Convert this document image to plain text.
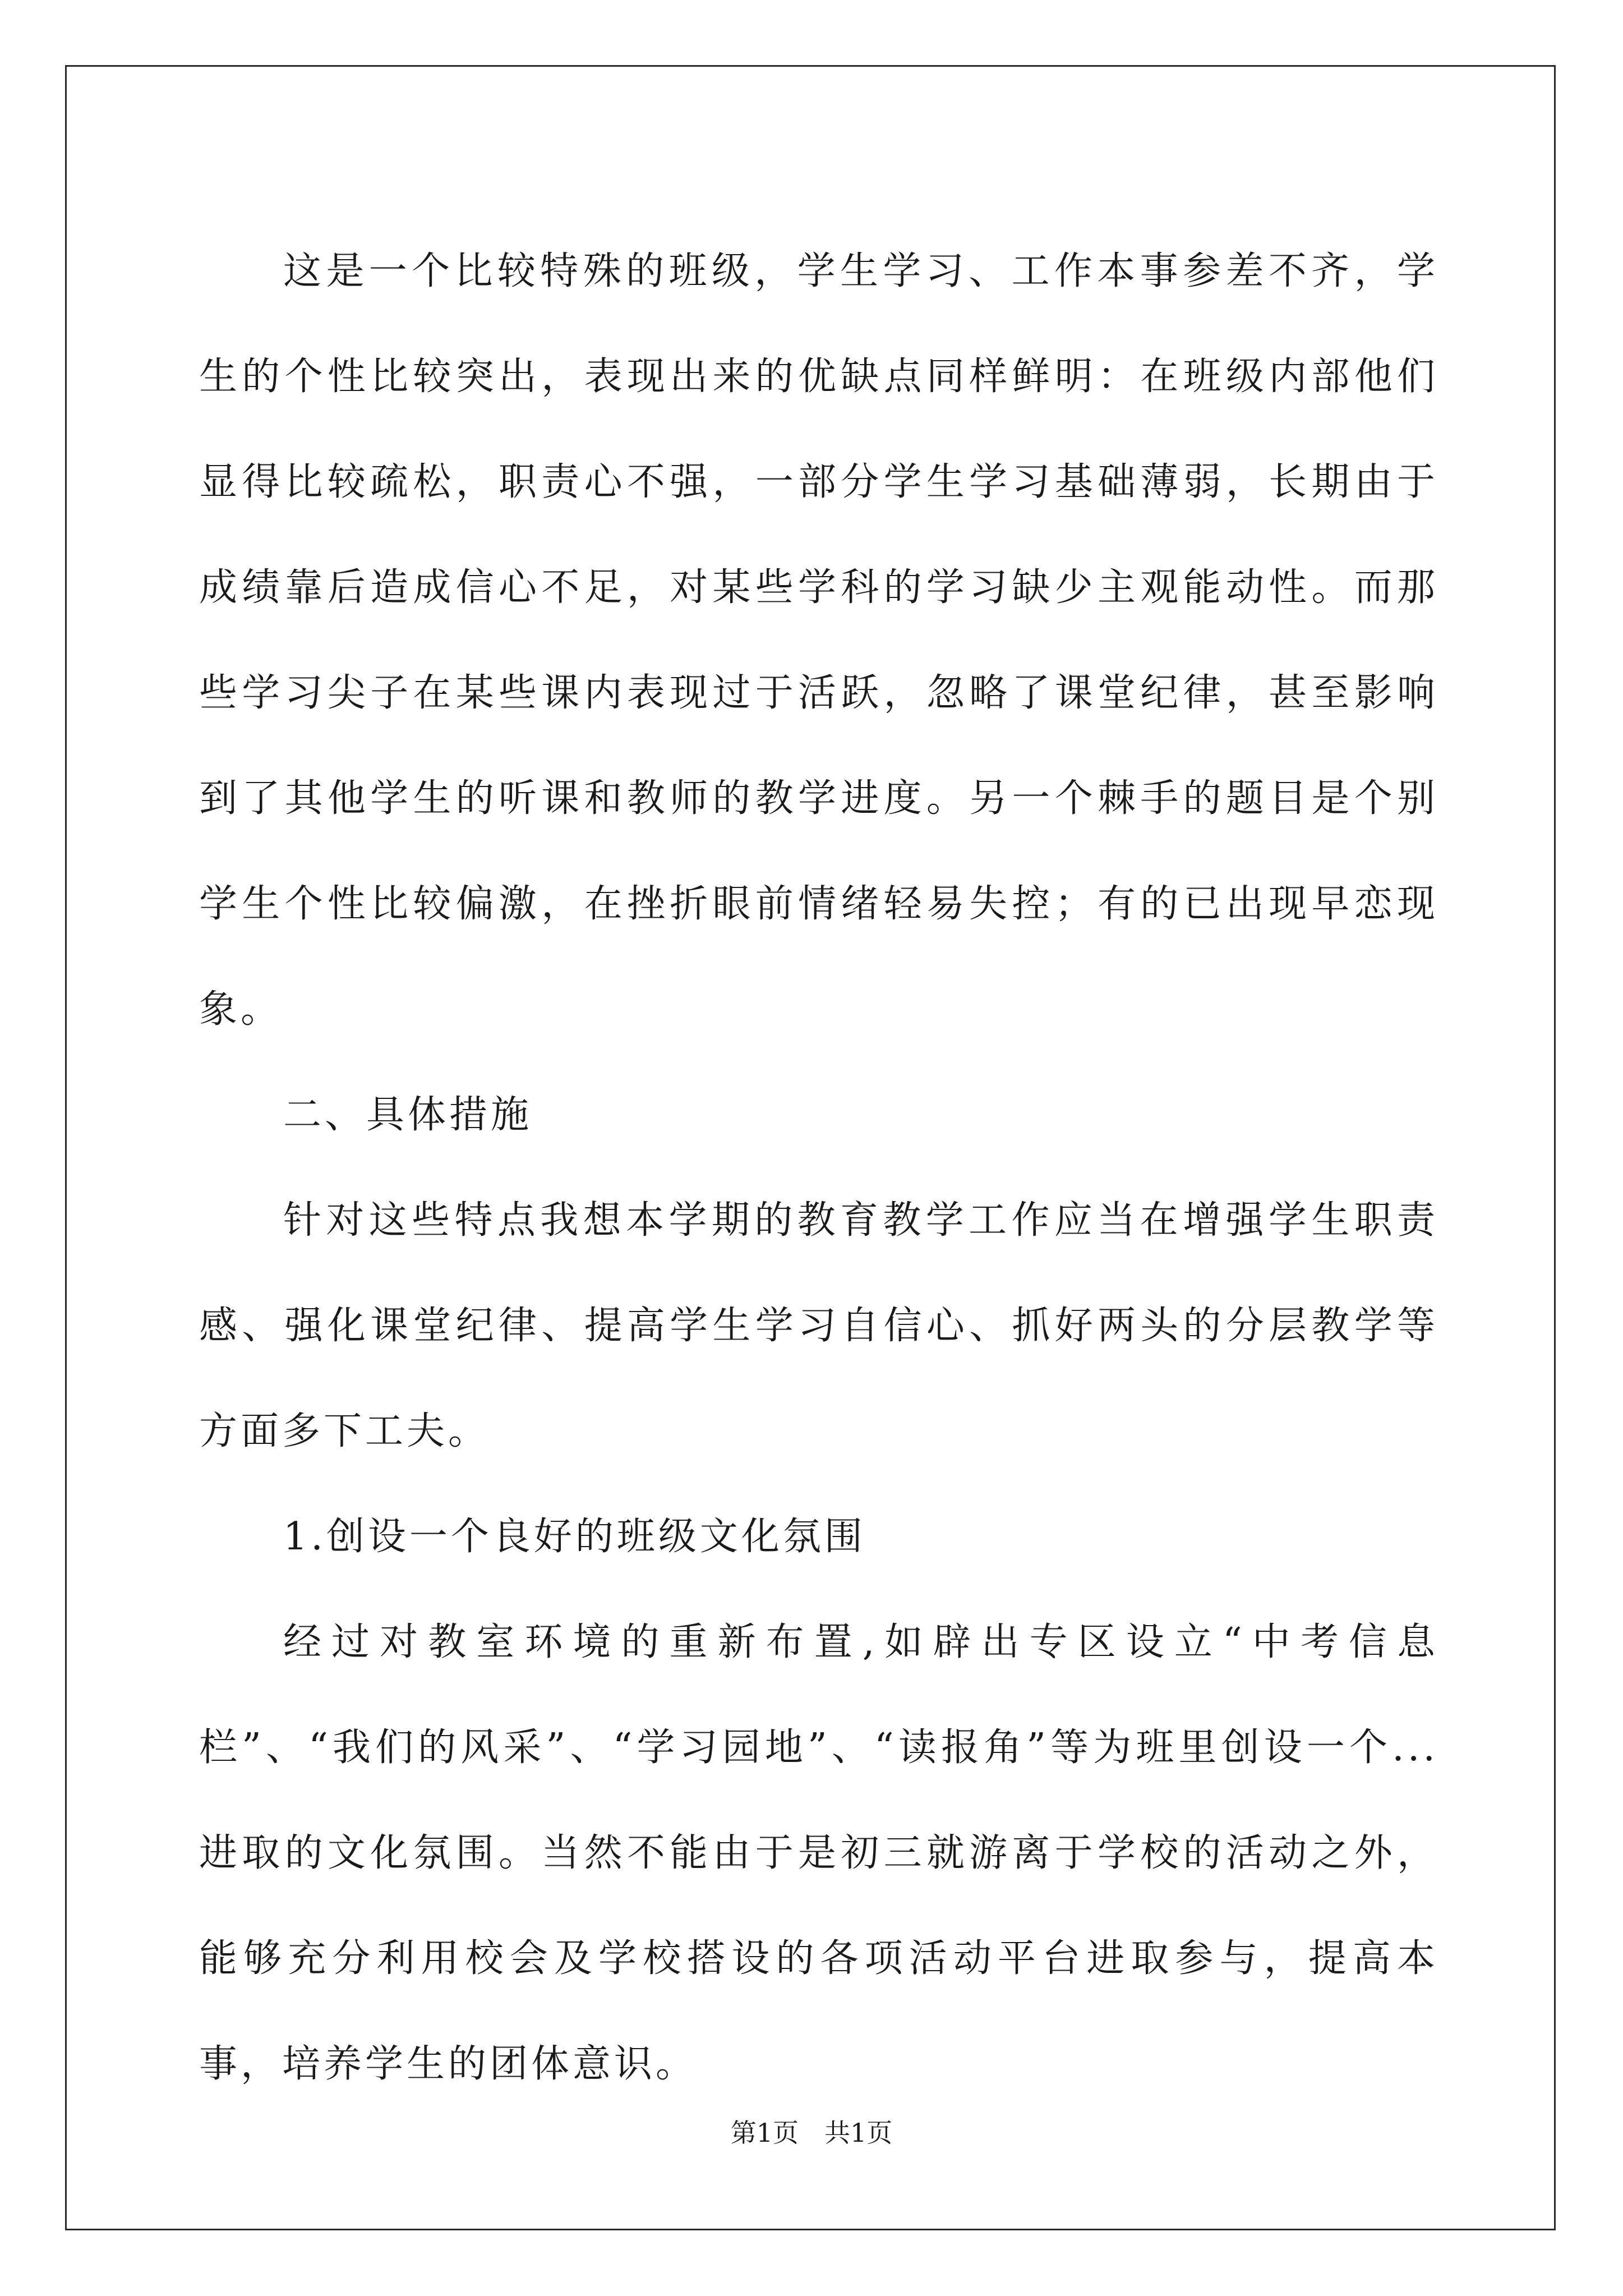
这是一个比较特殊的班级，学生学习、工作本事参差不齐，学生的个性比较突出，表现出来的优缺点同样鲜明：在班级内部他们显得比较疏松，职责心不强，一部分学生学习基础薄弱，长期由于成绩靠后造成信心不足，对某些学科的学习缺少主观能动性。而那些学习尖子在某些课内表现过于活跃，忽略了课堂纪律，甚至影响到了其他学生的听课和教师的教学进度。另一个棘手的题目是个别学生个性比较偏激，在挫折眼前情绪轻易失控；有的已出现早恋现象。

二、具体措施

针对这些特点我想本学期的教育教学工作应当在增强学生职责感、强化课堂纪律、提高学生学习自信心、抓好两头的分层教学等方面多下工夫。

1.创设一个良好的班级文化氛围

经过对教室环境的重新布置,如辟出专区设立“中考信息栏”、“我们的风采”、“学习园地”、“读报角”等为班里创设一个...进取的文化氛围。当然不能由于是初三就游离于学校的活动之外，能够充分利用校会及学校搭设的各项活动平台进取参与，提高本事，培养学生的团体意识。

第1页　共1页
